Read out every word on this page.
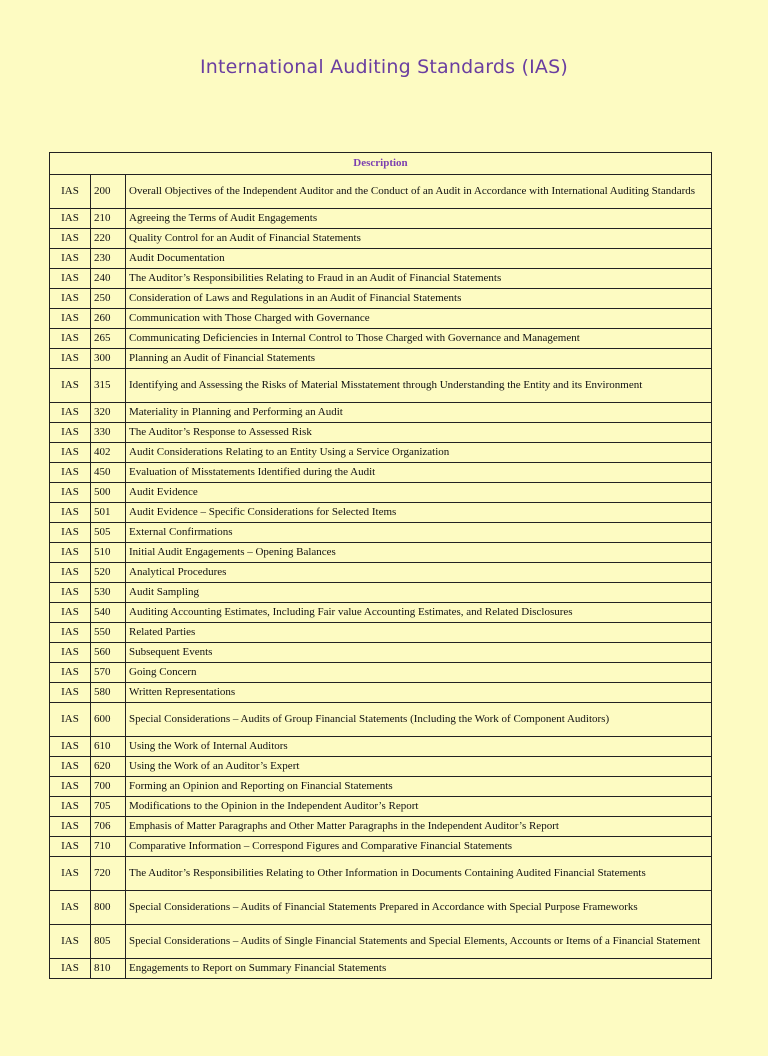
International Auditing Standards (IAS)
Description		
IAS	200	Overall Objectives of the Independent Auditor and the Conduct of an Audit in Accordance with International Auditing Standards
IAS	210	Agreeing the Terms of Audit Engagements
IAS	220	Quality Control for an Audit of Financial Statements
IAS	230	Audit Documentation
IAS	240	The Auditor’s Responsibilities Relating to Fraud in an Audit of Financial Statements
IAS	250	Consideration of Laws and Regulations in an Audit of Financial Statements
IAS	260	Communication with Those Charged with Governance
IAS	265	Communicating Deficiencies in Internal Control to Those Charged with Governance and Management
IAS	300	Planning an Audit of Financial Statements
IAS	315	Identifying and Assessing the Risks of Material Misstatement through Understanding the Entity and its Environment
IAS	320	Materiality in Planning and Performing an Audit
IAS	330	The Auditor’s Response to Assessed Risk
IAS	402	Audit Considerations Relating to an Entity Using a Service Organization
IAS	450	Evaluation of Misstatements Identified during the Audit
IAS	500	Audit Evidence
IAS	501	Audit Evidence – Specific Considerations for Selected Items
IAS	505	External Confirmations
IAS	510	Initial Audit Engagements – Opening Balances
IAS	520	Analytical Procedures
IAS	530	Audit Sampling
IAS	540	Auditing Accounting Estimates, Including Fair value Accounting Estimates, and Related Disclosures
IAS	550	Related Parties
IAS	560	Subsequent Events
IAS	570	Going Concern
IAS	580	Written Representations
IAS	600	Special Considerations – Audits of Group Financial Statements (Including the Work of Component Auditors)
IAS	610	Using the Work of Internal Auditors
IAS	620	Using the Work of an Auditor’s Expert
IAS	700	Forming an Opinion and Reporting on Financial Statements
IAS	705	Modifications to the Opinion in the Independent Auditor’s Report
IAS	706	Emphasis of Matter Paragraphs and Other Matter Paragraphs in the Independent Auditor’s Report
IAS	710	Comparative Information – Correspond Figures and Comparative Financial Statements
IAS	720	The Auditor’s Responsibilities Relating to Other Information in Documents Containing Audited Financial Statements
IAS	800	Special Considerations – Audits of Financial Statements Prepared in Accordance with Special Purpose Frameworks
IAS	805	Special Considerations – Audits of Single Financial Statements and Special Elements, Accounts or Items of a Financial Statement
IAS	810	Engagements to Report on Summary Financial Statements
